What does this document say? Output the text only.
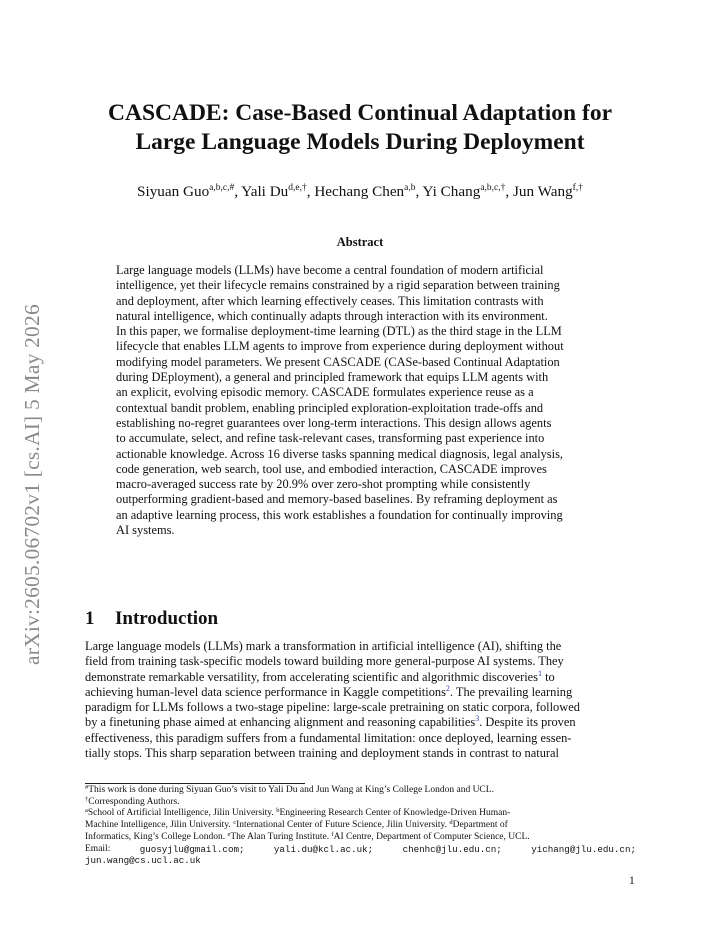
arXiv:2605.06702v1 [cs.AI] 5 May 2026
CASCADE: Case-Based Continual Adaptation for
Large Language Models During Deployment
Siyuan Guo$^{a,b,c,\#}$, Yali $Du^{d,e,\dagger}$, Hechang Chen$^{a,b}$, Yi Chang$^{a,b,c,\dagger}$, Jun Wang$^{f,\dagger}$
Abstract
Large language models (LLMs) have become a central foundation of modern artificial
intelligence, yet their lifecycle remains constrained by a rigid separation between training
and deployment, after which learning effectively ceases. This limitation contrasts with
natural intelligence, which continually adapts through interaction with its environment.
In this paper, we formalise deployment-time learning (DTL) as the third stage in the LLM
lifecycle that enables LLM agents to improve from experience during deployment without
modifying model parameters. We present CASCADE (CASe-based Continual Adaptation
during DEployment), a general and principled framework that equips LLM agents with
an explicit, evolving episodic memory. CASCADE formulates experience reuse as a
contextual bandit problem, enabling principled exploration-exploitation trade-offs and
establishing no-regret guarantees over long-term interactions. This design allows agents
to accumulate, select, and refine task-relevant cases, transforming past experience into
actionable knowledge. Across 16 diverse tasks spanning medical diagnosis, legal analysis,
code generation, web search, tool use, and embodied interaction, CASCADE improves
macro-averaged success rate by 20.9% over zero-shot prompting while consistently
outperforming gradient-based and memory-based baselines. By reframing deployment as
an adaptive learning process, this work establishes a foundation for continually improving
AI systems.
1 Introduction
Large language models (LLMs) mark a transformation in artificial intelligence (AI), shifting the
field from training task-specific models toward building more general-purpose AI systems. They
demonstrate remarkable versatility, from accelerating scientific and algorithmic discoveries$^1$ to
achieving human-level data science performance in Kaggle competitions$^2$. The prevailing learning
paradigm for LLMs follows a two-stage pipeline: large-scale pretraining on static corpora, followed
by a finetuning phase aimed at enhancing alignment and reasoning capabilities$^3$. Despite its proven
effectiveness, this paradigm suffers from a fundamental limitation: once deployed, learning essen-
tially stops. This sharp separation between training and deployment stands in contrast to natural
#This work is done during Siyuan Guo’s visit to Yali Du and Jun Wang at King’s College London and UCL.
†Corresponding Authors.
$^a$School of Artificial Intelligence, Jilin University. $^b$Engineering Research Center of Knowledge-Driven Human-
Machine Intelligence, Jilin University. $^c$International Center of Future Science, Jilin University. $^d$Department of
Informatics, King’s College London. $^e$The Alan Turing Institute. $^f$AI Centre, Department of Computer Science, UCL.
Email:	guosyjlu@gmail.com;	yali.du@kcl.ac.uk;	chenhc@jlu.edu.cn;	yichang@jlu.edu.cn;
jun.wang@cs.ucl.ac.uk
1
